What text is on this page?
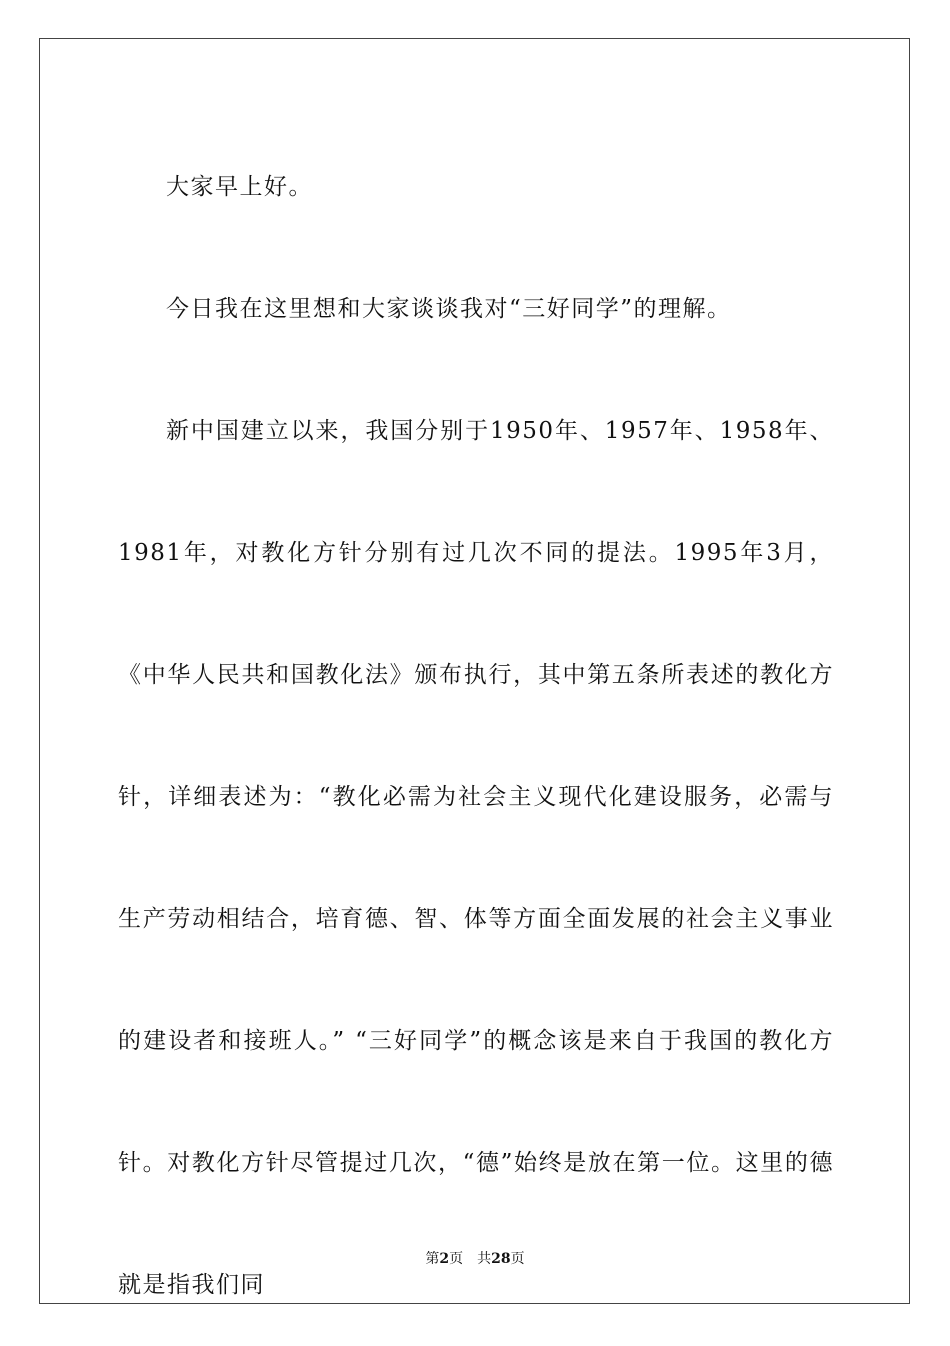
大家早上好。

今日我在这里想和大家谈谈我对“三好同学”的理解。

新中国建立以来，我国分别于1950年、1957年、1958年、1981年，对教化方针分别有过几次不同的提法。1995年3月，《中华人民共和国教化法》颁布执行，其中第五条所表述的教化方针，详细表述为：“教化必需为社会主义现代化建设服务，必需与生产劳动相结合，培育德、智、体等方面全面发展的社会主义事业的建设者和接班人。” “三好同学”的概念该是来自于我国的教化方针。对教化方针尽管提过几次，“德”始终是放在第一位。这里的德就是指我们同

第2页 共28页
